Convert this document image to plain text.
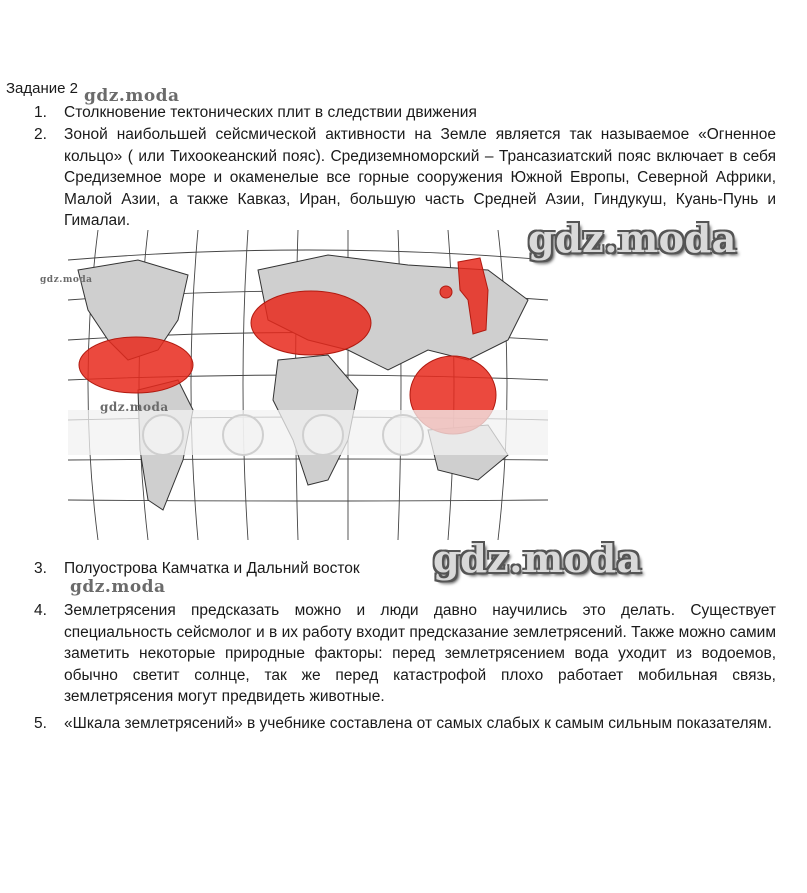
Задание 2 gdz.moda
1.	Столкновение тектонических плит в следствии движения
2.	Зоной наибольшей сейсмической активности на Земле является так называемое «Огненное кольцо» ( или Тихоокеанский пояс). Средиземноморский – Трансазиатский пояс включает в себя Средиземное море и окаменелые все горные сооружения Южной Европы, Северной Африки, Малой Азии, а также Кавказ, Иран, большую часть Средней Азии, Гиндукуш, Куань-Пунь и Гималаи.
gdz.moda
gdz.moda
gdz.moda
3.	Полуострова Камчатка и Дальний восток	gdz.moda
gdz.moda
4.	Землетрясения предсказать можно и люди давно научились это делать. Существует специальность сейсмолог и в их работу входит предсказание землетрясений. Также можно самим заметить некоторые природные факторы: перед землетрясением вода уходит из водоемов, обычно светит солнце, так же перед катастрофой плохо работает мобильная связь, землетрясения могут предвидеть животные.
5.	«Шкала землетрясений» в учебнике составлена от самых слабых к самым сильным показателям.
